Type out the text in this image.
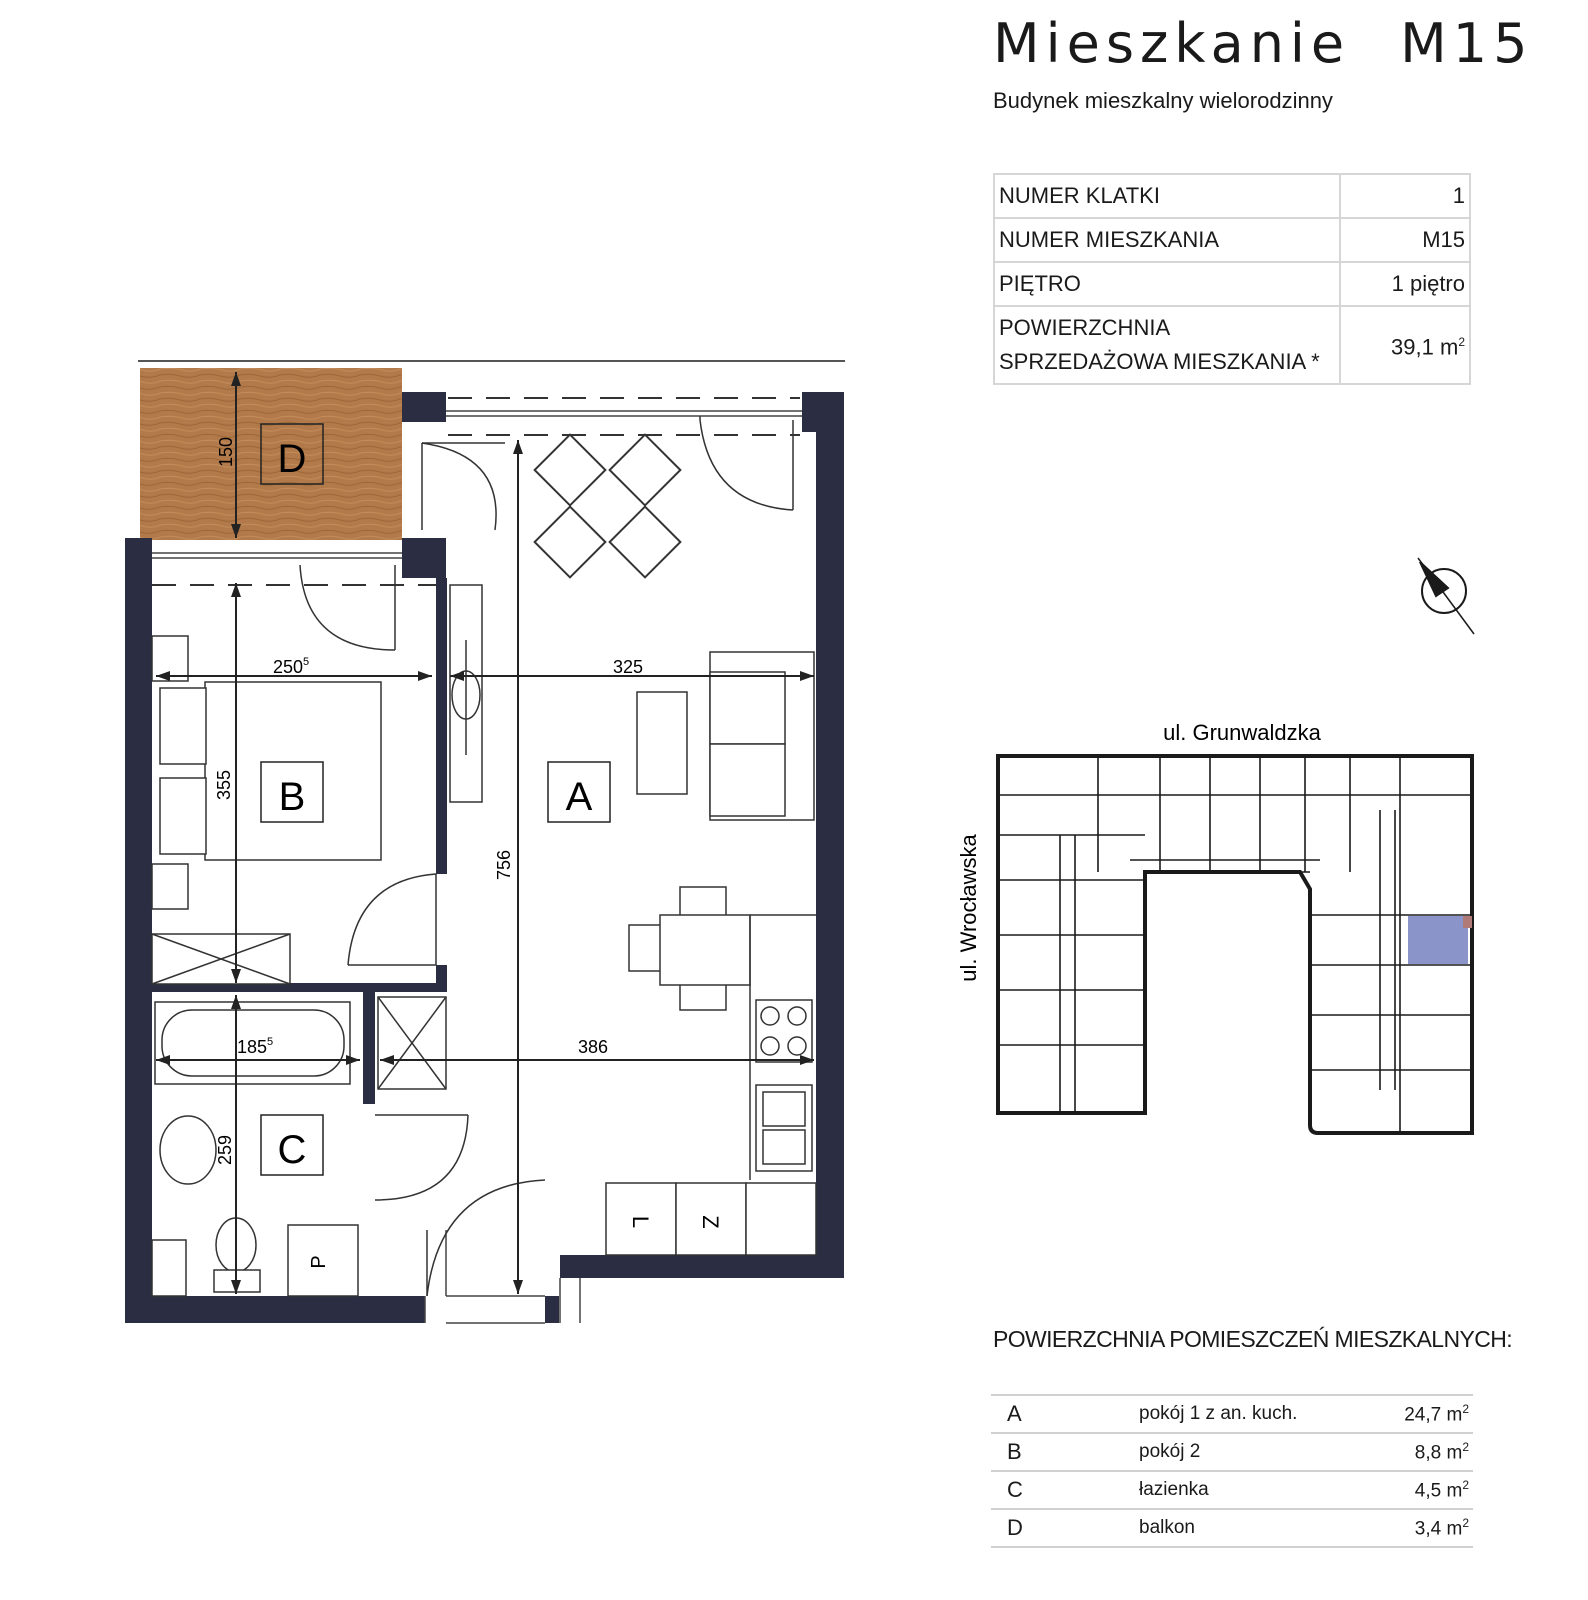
Mieszkanie M15
Budynek mieszkalny wielorodzinny
NUMER KLATKI	1
NUMER MIESZKANIA	M15
PIĘTRO	1 piętro
POWIERZCHNIA
SPRZEDAŻOWA MIESZKANIA *	39,1 $m^2$
L Z
P
150
$250^5$	325
355
756
$185^5$	386
259
D
B	A
C
ul. Grunwaldzka
ul. Wrocławska
POWIERZCHNIA POMIESZCZEŃ MIESZKALNYCH:
A	pokój 1 z an. kuch.	24,7 $m^2$
B	pokój 2	8,8 $m^2$
C	łazienka	4,5 $m^2$
D	balkon	3,4 $m^2$
